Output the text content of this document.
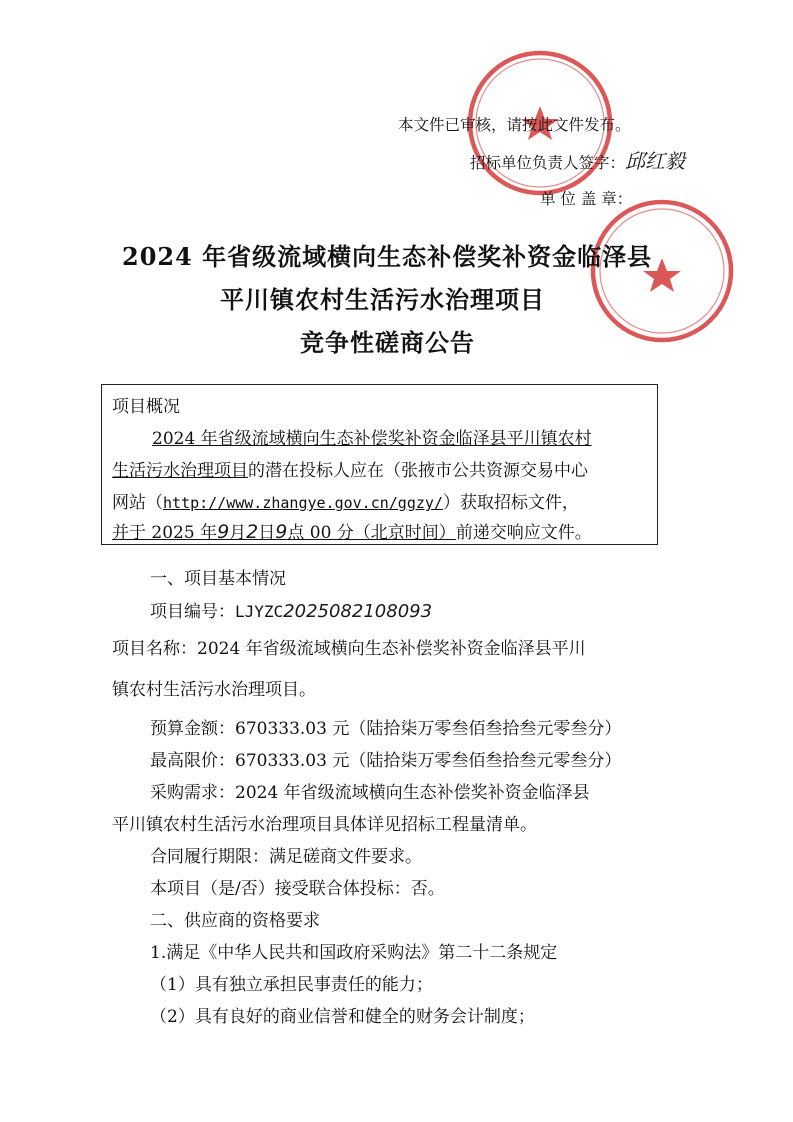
本文件已审核，请按此文件发布。
招标单位负责人签字：邱红毅
单 位 盖 章：
2024 年省级流域横向生态补偿奖补资金临泽县
平川镇农村生活污水治理项目
竞争性磋商公告
项目概况
2024 年省级流域横向生态补偿奖补资金临泽县平川镇农村
生活污水治理项目的潜在投标人应在（张掖市公共资源交易中心
网站（http://www.zhangye.gov.cn/ggzy/）获取招标文件，
并于 2025 年9月2日9点 00 分（北京时间）前递交响应文件。
一、项目基本情况
项目编号：LJYZC2025082108093
项目名称：2024 年省级流域横向生态补偿奖补资金临泽县平川
镇农村生活污水治理项目。
预算金额：670333.03 元（陆拾柒万零叁佰叁拾叁元零叁分）
最高限价：670333.03 元（陆拾柒万零叁佰叁拾叁元零叁分）
采购需求：2024 年省级流域横向生态补偿奖补资金临泽县
平川镇农村生活污水治理项目具体详见招标工程量清单。
合同履行期限：满足磋商文件要求。
本项目（是/否）接受联合体投标：否。
二、供应商的资格要求
1.满足《中华人民共和国政府采购法》第二十二条规定
（1）具有独立承担民事责任的能力；
（2）具有良好的商业信誉和健全的财务会计制度；
